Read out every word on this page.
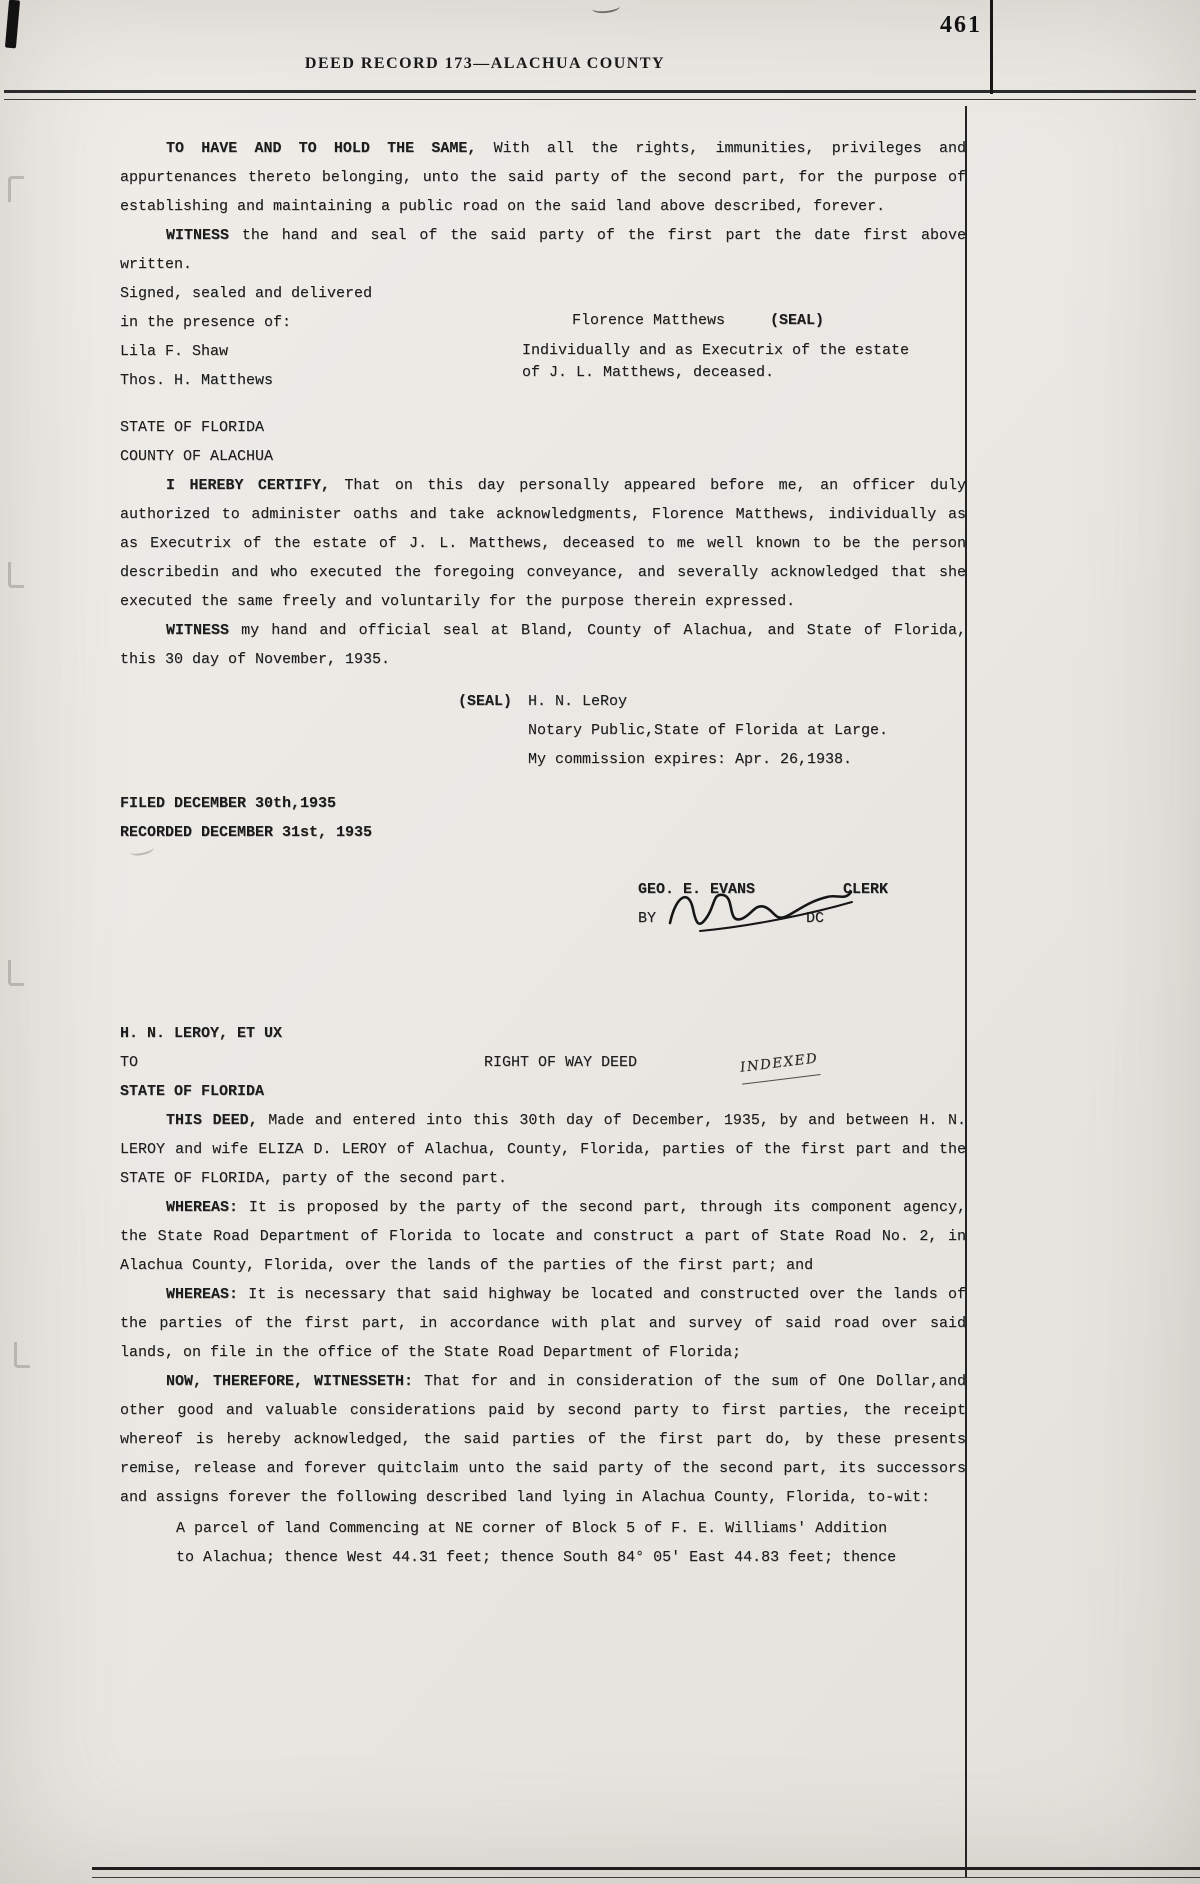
461
DEED RECORD 173—ALACHUA COUNTY

TO HAVE AND TO HOLD THE SAME, With all the rights, immunities, privileges and appurtenances thereto belonging, unto the said party of the second part, for the purpose of establishing and maintaining a public road on the said land above described, forever.

WITNESS the hand and seal of the said party of the first part the date first above written.

Signed, sealed and delivered
in the presence of:
Lila F. Shaw
Thos. H. Matthews
Florence Matthews	(SEAL)
Individually and as Executrix of the estate
of J. L. Matthews, deceased.
STATE OF FLORIDA
COUNTY OF ALACHUA

I HEREBY CERTIFY, That on this day personally appeared before me, an officer duly authorized to administer oaths and take acknowledgments, Florence Matthews, individually as as Executrix of the estate of J. L. Matthews, deceased to me well known to be the person describedin and who executed the foregoing conveyance, and severally acknowledged that she executed the same freely and voluntarily for the purpose therein expressed.

WITNESS my hand and official seal at Bland, County of Alachua, and State of Florida, this 30 day of November, 1935.

(SEAL) H. N. LeRoy
Notary Public,State of Florida at Large.
My commission expires: Apr. 26,1938.
FILED DECEMBER 30th,1935
RECORDED DECEMBER 31st, 1935
GEO. E. EVANS	CLERK
BY	DC
H. N. LEROY, ET UX
TO	RIGHT OF WAY DEED	INDEXED
STATE OF FLORIDA

THIS DEED, Made and entered into this 30th day of December, 1935, by and between H. N. LEROY and wife ELIZA D. LEROY of Alachua, County, Florida, parties of the first part and the STATE OF FLORIDA, party of the second part.

WHEREAS: It is proposed by the party of the second part, through its component agency, the State Road Department of Florida to locate and construct a part of State Road No. 2, in Alachua County, Florida, over the lands of the parties of the first part; and

WHEREAS: It is necessary that said highway be located and constructed over the lands of the parties of the first part, in accordance with plat and survey of said road over said lands, on file in the office of the State Road Department of Florida;

NOW, THEREFORE, WITNESSETH: That for and in consideration of the sum of One Dollar,and other good and valuable considerations paid by second party to first parties, the receipt whereof is hereby acknowledged, the said parties of the first part do, by these presents remise, release and forever quitclaim unto the said party of the second part, its successors and assigns forever the following described land lying in Alachua County, Florida, to-wit:

A parcel of land Commencing at NE corner of Block 5 of F. E. Williams' Addition
to Alachua; thence West 44.31 feet; thence South 84° 05' East 44.83 feet; thence
